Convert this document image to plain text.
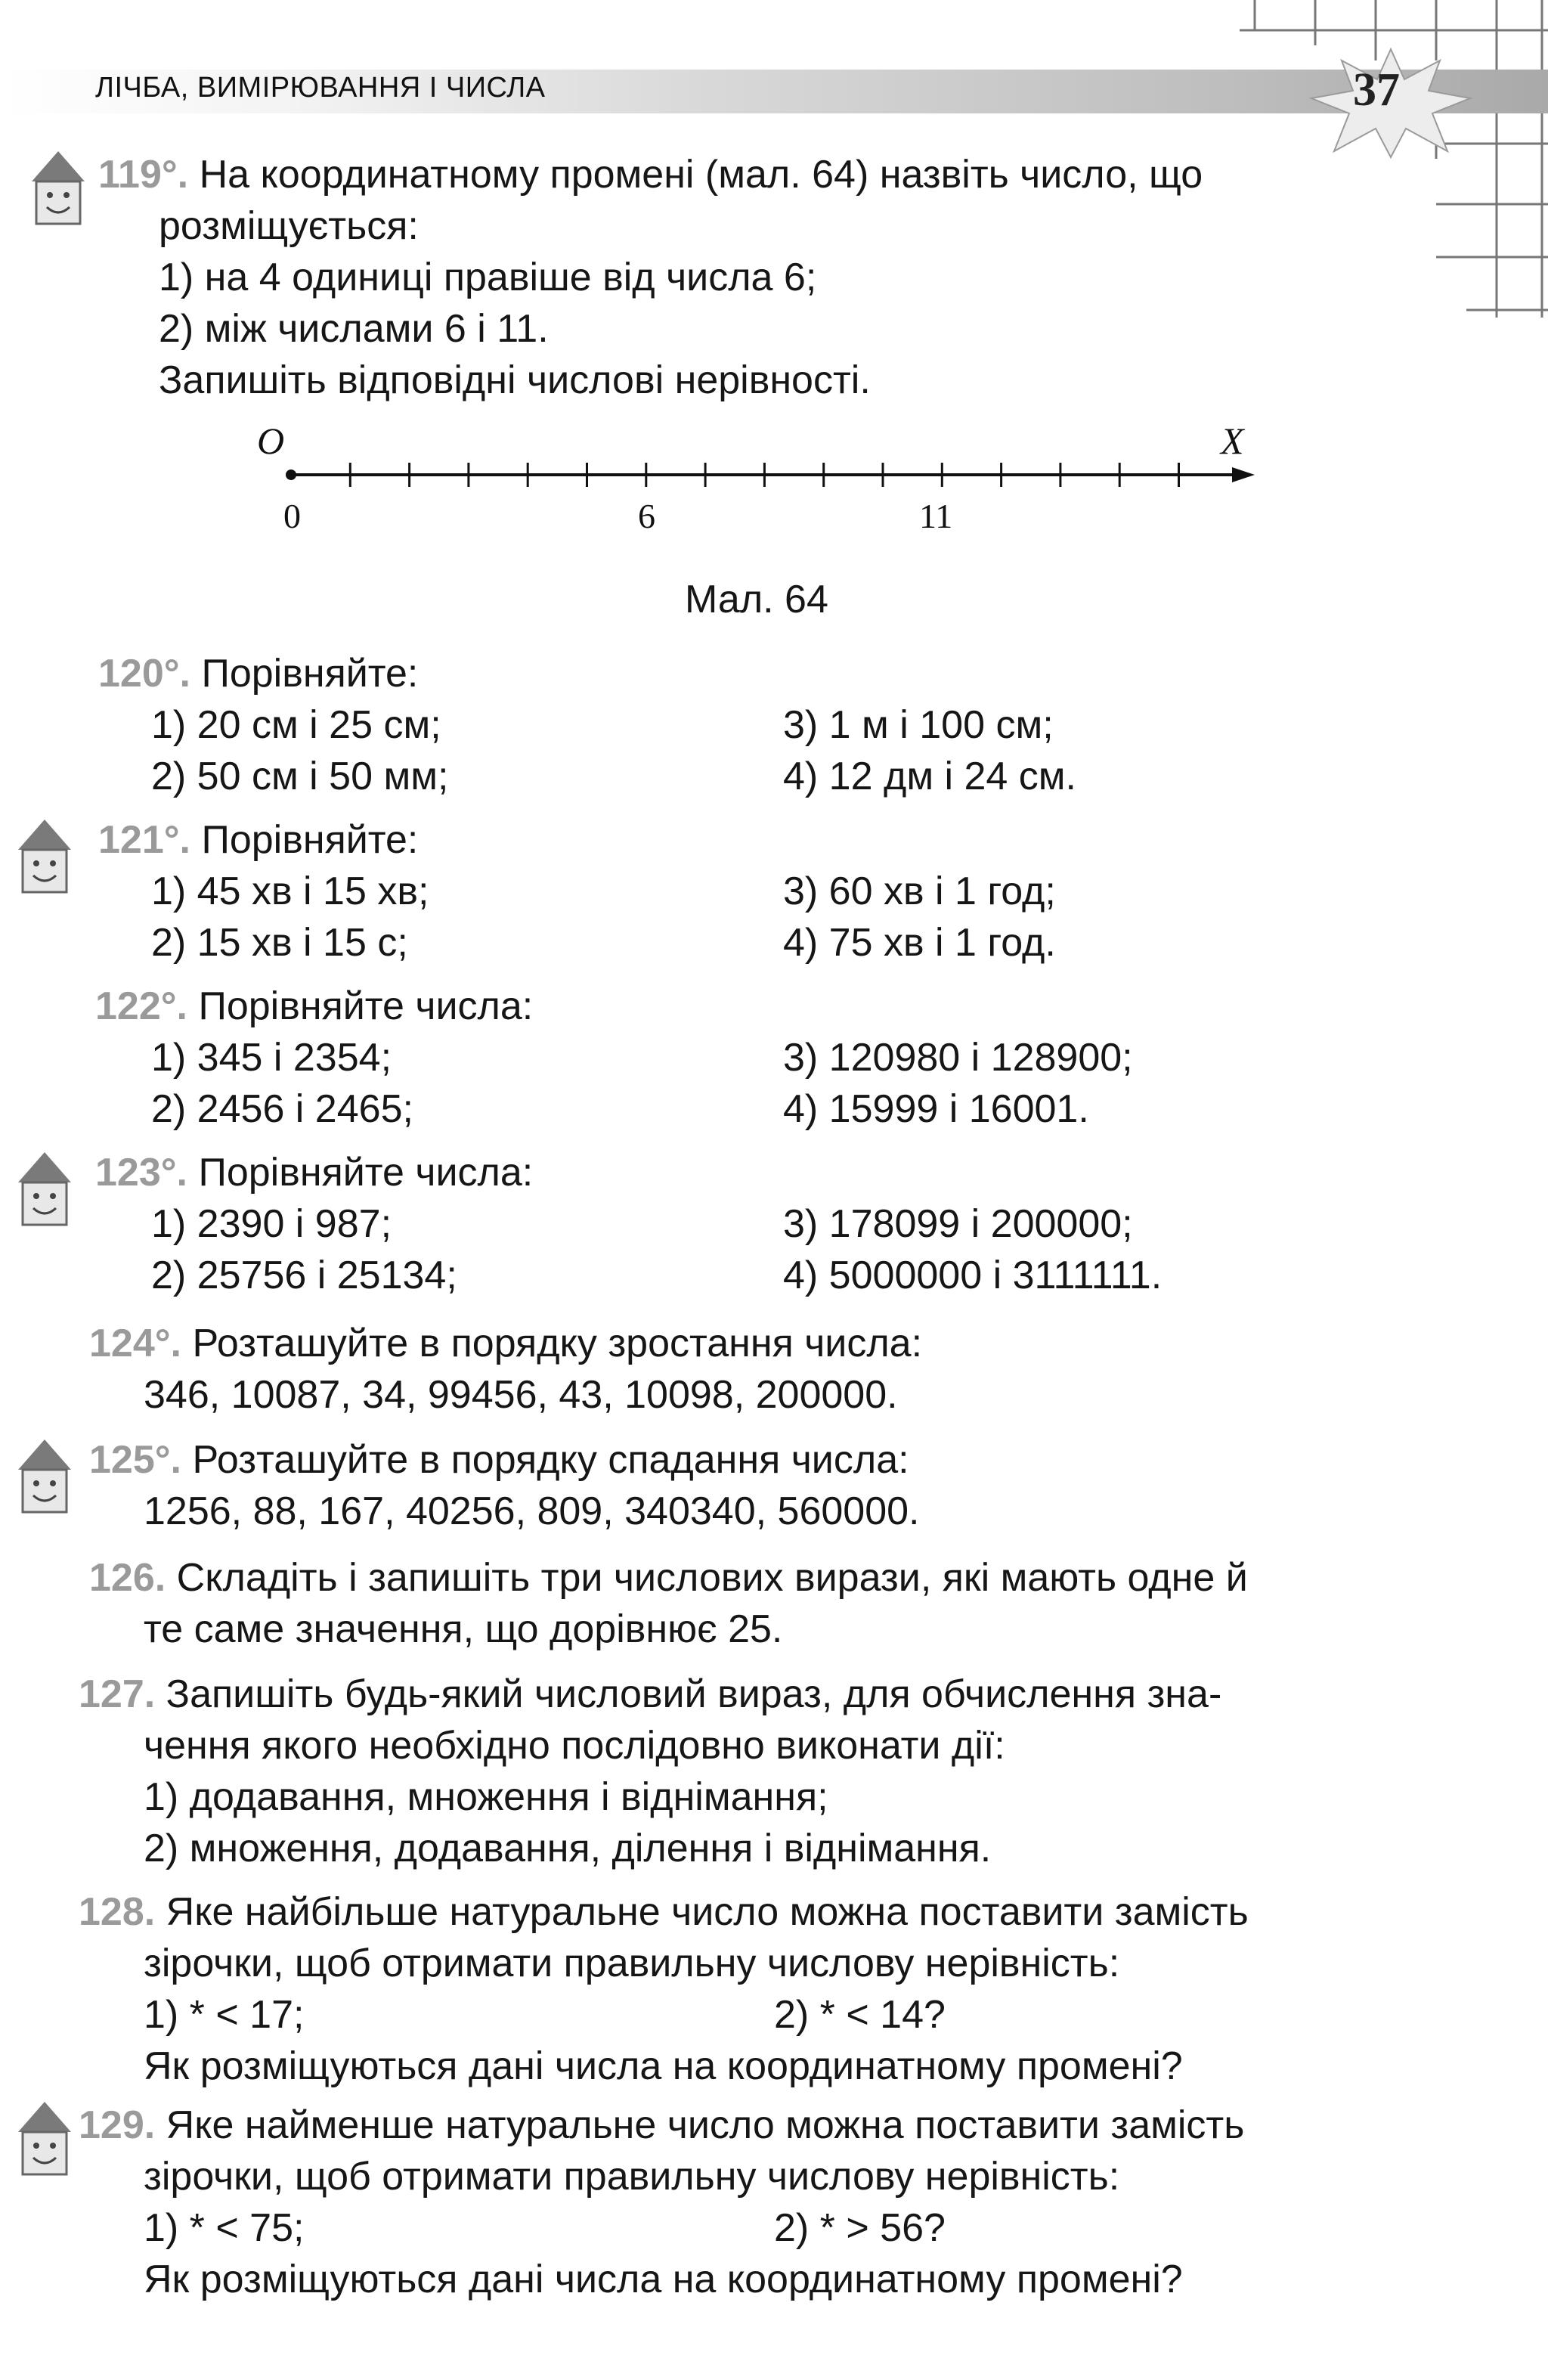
ЛІЧБА, ВИМІРЮВАННЯ І ЧИСЛА	37
119°. На координатному промені (мал. 64) назвіть число, що
розміщується:
1) на 4 одиниці правіше від числа 6;
2) між числами 6 і 11.
Запишіть відповідні числові нерівності.
O	X
0	6	11
Мал. 64
120°. Порівняйте:
1) 20 см і 25 см;
2) 50 см і 50 мм;
3) 1 м і 100 см;
4) 12 дм і 24 см.
121°. Порівняйте:
1) 45 хв і 15 хв;
2) 15 хв і 15 с;
3) 60 хв і 1 год;
4) 75 хв і 1 год.
122°. Порівняйте числа:
1) 345 і 2354;
2) 2456 і 2465;
3) 120980 і 128900;
4) 15999 і 16001.
123°. Порівняйте числа:
1) 2390 і 987;
2) 25756 і 25134;
3) 178099 і 200000;
4) 5000000 і 3111111.
124°. Розташуйте в порядку зростання числа:
346, 10087, 34, 99456, 43, 10098, 200000.
125°. Розташуйте в порядку спадання числа:
1256, 88, 167, 40256, 809, 340340, 560000.
126. Складіть і запишіть три числових вирази, які мають одне й
те саме значення, що дорівнює 25.
127. Запишіть будь-який числовий вираз, для обчислення зна-
чення якого необхідно послідовно виконати дії:
1) додавання, множення і віднімання;
2) множення, додавання, ділення і віднімання.
128. Яке найбільше натуральне число можна поставити замість
зірочки, щоб отримати правильну числову нерівність:
1) * < 17;	2) * < 14?
Як розміщуються дані числа на координатному промені?
129. Яке найменше натуральне число можна поставити замість
зірочки, щоб отримати правильну числову нерівність:
1) * < 75;	2) * > 56?
Як розміщуються дані числа на координатному промені?
